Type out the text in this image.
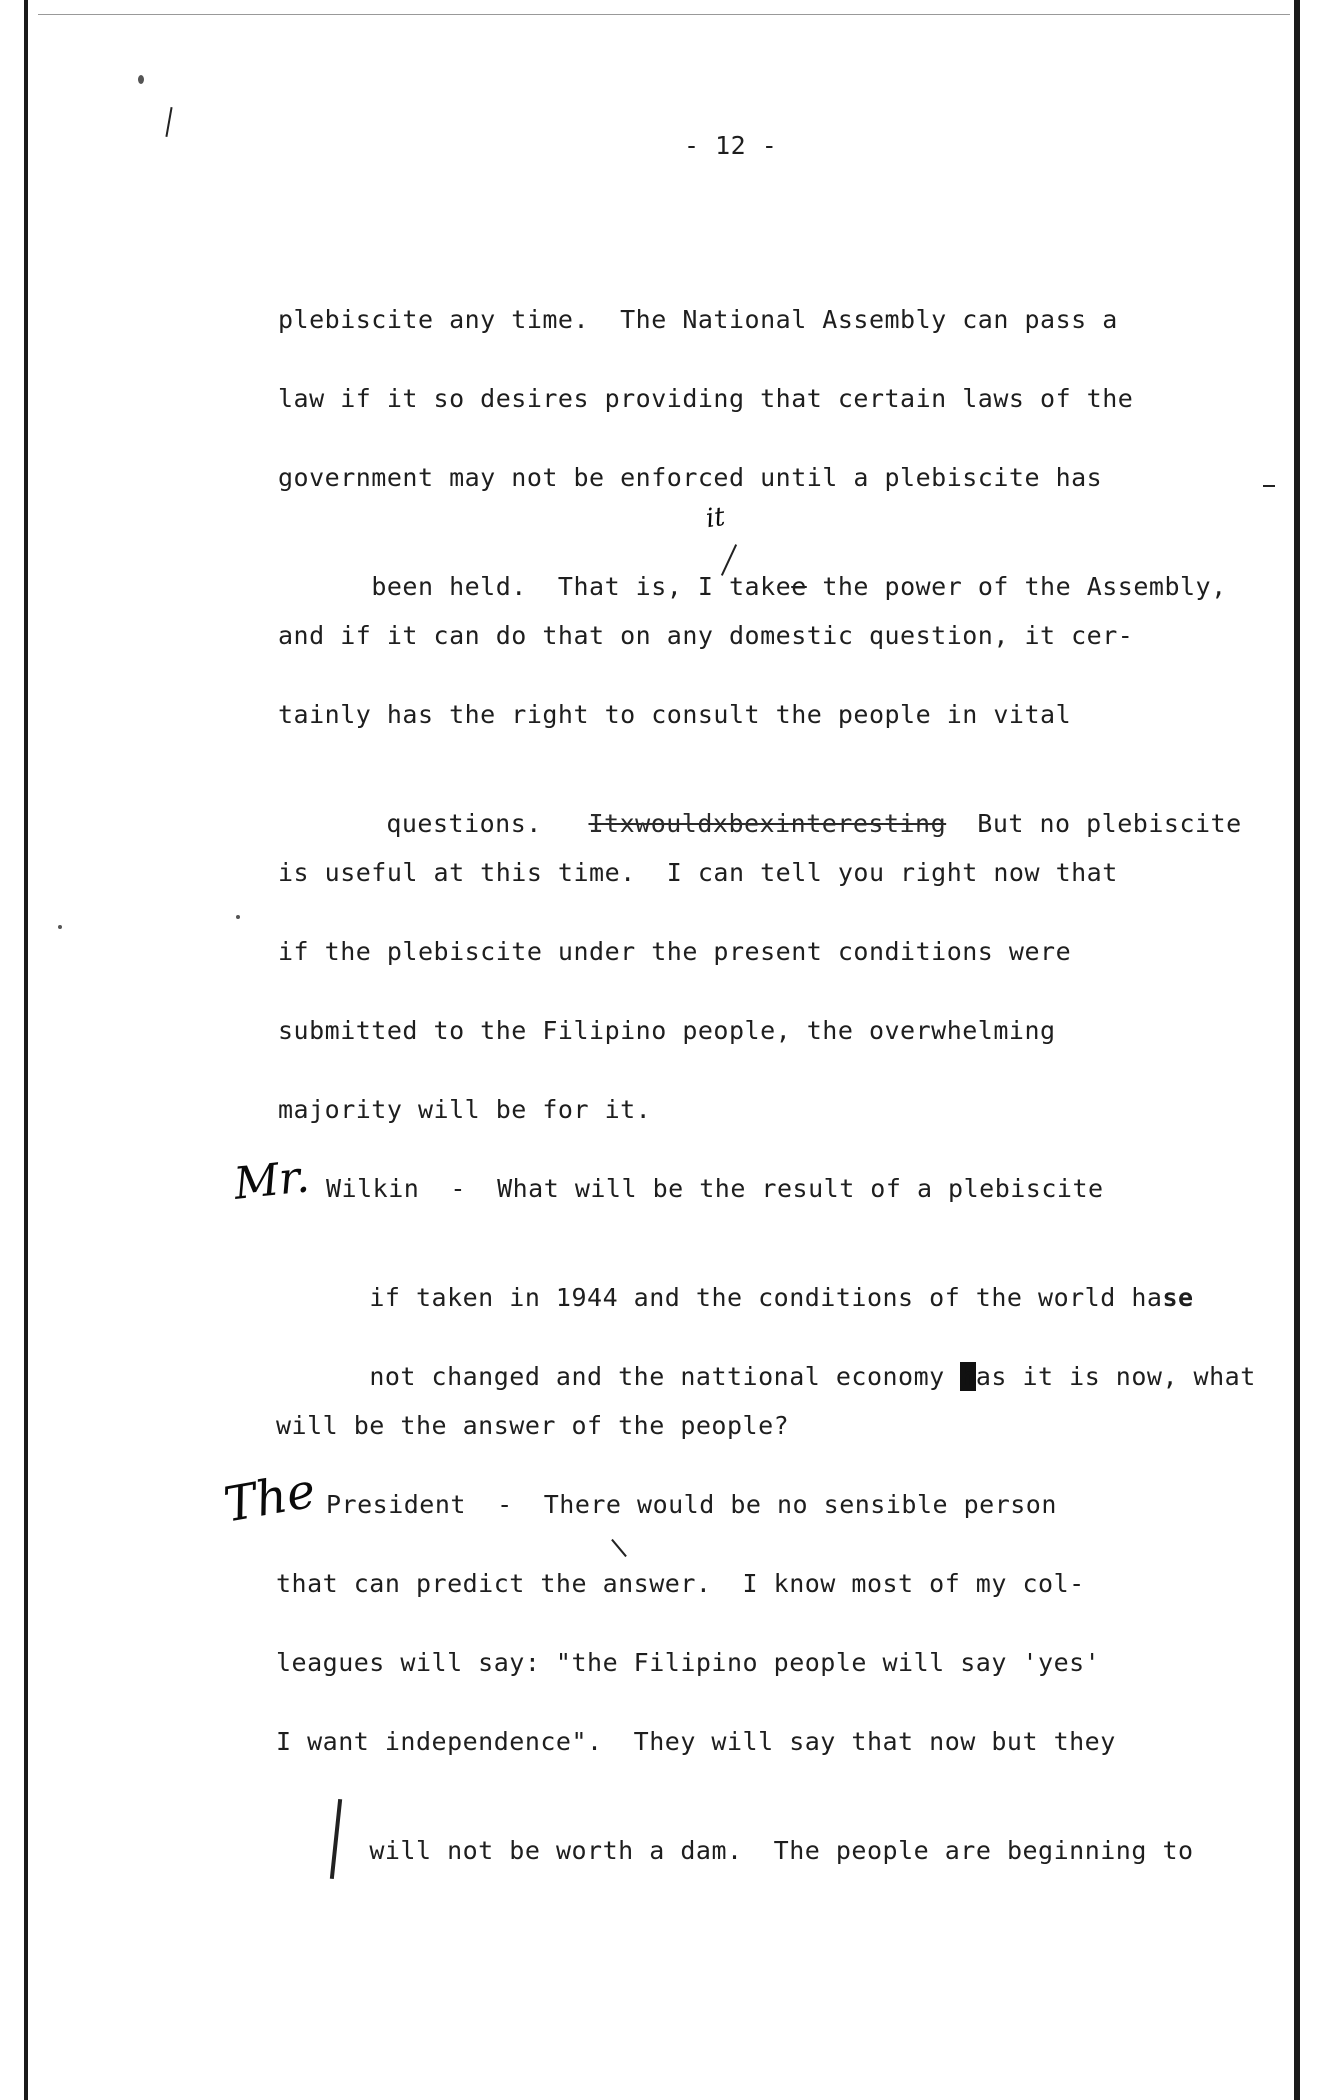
- 12 -
plebiscite any time.  The National Assembly can pass a
law if it so desires providing that certain laws of the
government may not be enforced until a plebiscite has

been held.  That is, I takee the power of the Assembly,

it
and if it can do that on any domestic question, it cer-
tainly has the right to consult the people in vital

questions. Itxwouldxbexinteresting  But no plebiscite

is useful at this time.  I can tell you right now that
if the plebiscite under the present conditions were
submitted to the Filipino people, the overwhelming
majority will be for it.
Mr. Wilkin  -  What will be the result of a plebiscite

if taken in 1944 and the conditions of the world hase

not changed and the nattional economy has it is now, what

will be the answer of the people?
The President  -  There would be no sensible person
that can predict the answer.  I know most of my col-
leagues will say: "the Filipino people will say 'yes'
I want independence".  They will say that now but they

will not be worth a dam.  The people are beginning to
